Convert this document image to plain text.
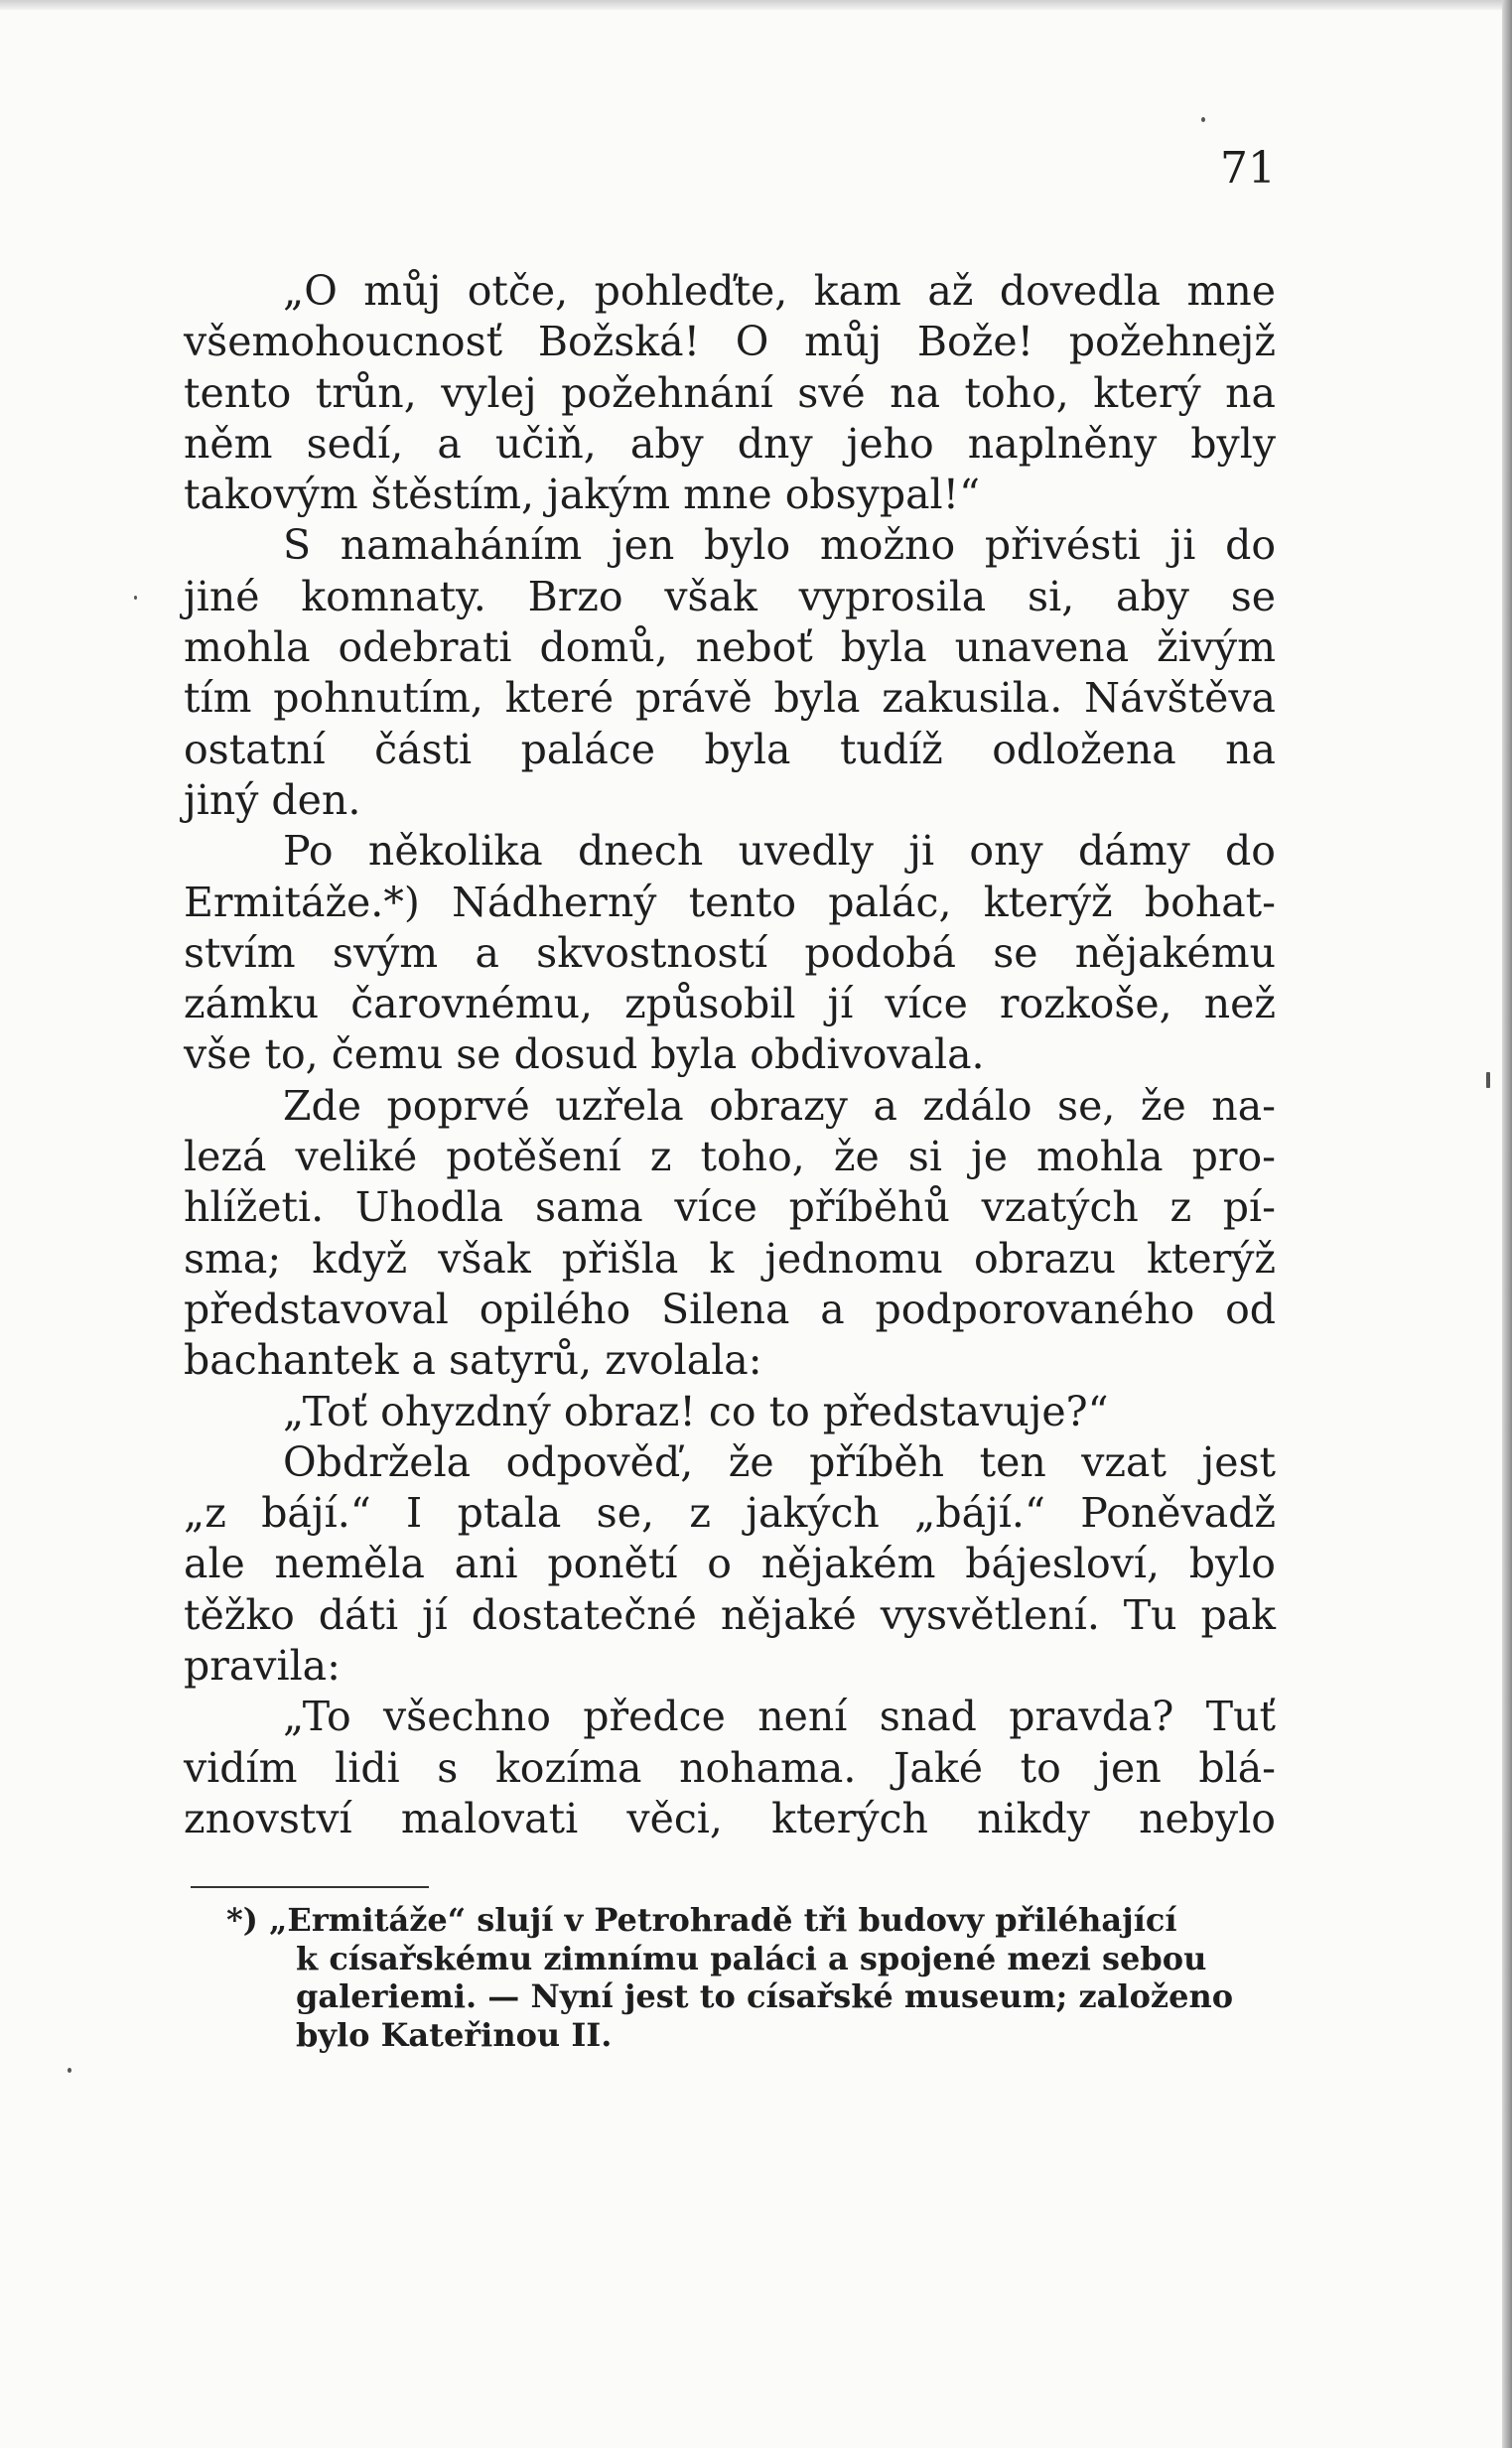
71
„O můj otče, pohleďte, kam až dovedla mne
všemohoucnosť Božská! O můj Bože! požehnejž
tento trůn, vylej požehnání své na toho, který na
něm sedí, a učiň, aby dny jeho naplněny byly
takovým štěstím, jakým mne obsypal!“
S namaháním jen bylo možno přivésti ji do
jiné komnaty. Brzo však vyprosila si, aby se
mohla odebrati domů, neboť byla unavena živým
tím pohnutím, které právě byla zakusila. Návštěva
ostatní části paláce byla tudíž odložena na
jiný den.
Po několika dnech uvedly ji ony dámy do
Ermitáže.*) Nádherný tento palác, kterýž bohat-
stvím svým a skvostností podobá se nějakému
zámku čarovnému, způsobil jí více rozkoše, než
vše to, čemu se dosud byla obdivovala.
Zde poprvé uzřela obrazy a zdálo se, že na-
lezá veliké potěšení z toho, že si je mohla pro-
hlížeti. Uhodla sama více příběhů vzatých z pí-
sma; když však přišla k jednomu obrazu kterýž
představoval opilého Silena a podporovaného od
bachantek a satyrů, zvolala:
„Toť ohyzdný obraz! co to představuje?“
Obdržela odpověď, že příběh ten vzat jest
„z bájí.“ I ptala se, z jakých „bájí.“ Poněvadž
ale neměla ani ponětí o nějakém bájesloví, bylo
těžko dáti jí dostatečné nějaké vysvětlení. Tu pak
pravila:
„To všechno předce není snad pravda? Tuť
vidím lidi s kozíma nohama. Jaké to jen blá-
znovství malovati věci, kterých nikdy nebylo
*) „Ermitáže“ slují v Petrohradě tři budovy přiléhající
k císařskému zimnímu paláci a spojené mezi sebou
galeriemi. — Nyní jest to císařské museum; založeno
bylo Kateřinou II.
